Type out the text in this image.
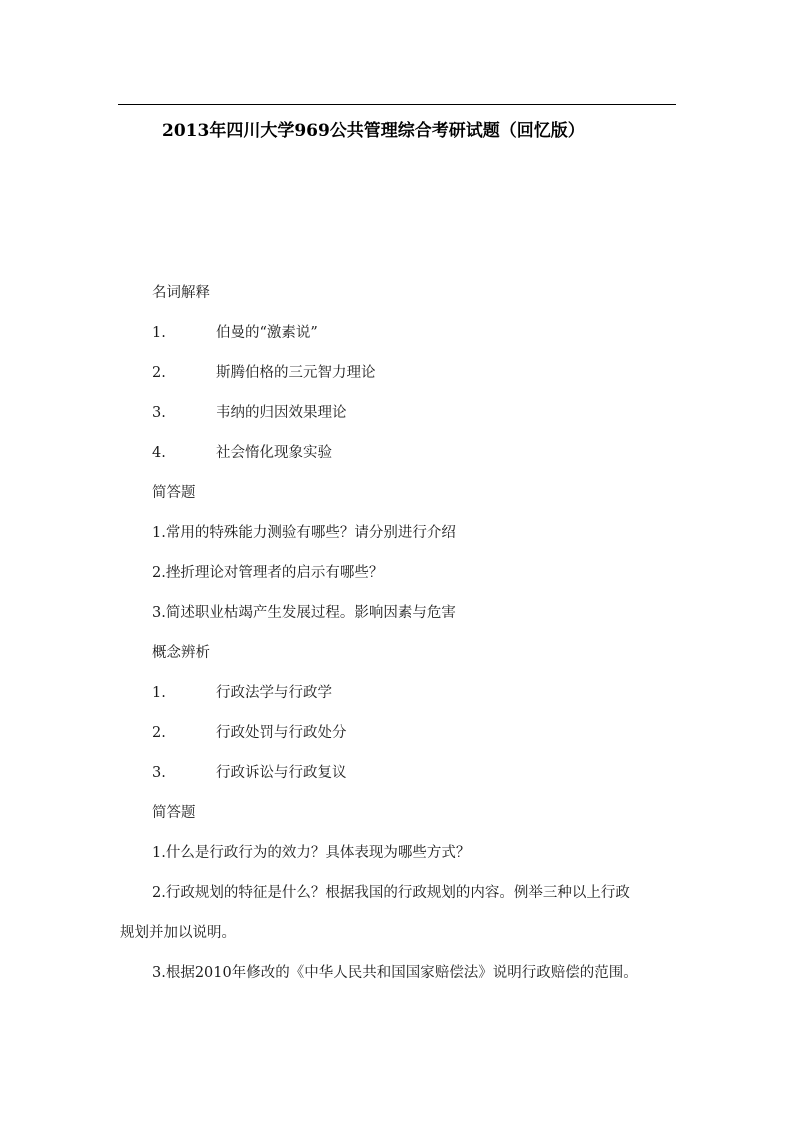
2013年四川大学969公共管理综合考研试题（回忆版）
名词解释
1.	伯曼的“激素说”
2.	斯腾伯格的三元智力理论
3.	韦纳的归因效果理论
4.	社会惰化现象实验
简答题
1.常用的特殊能力测验有哪些？请分别进行介绍
2.挫折理论对管理者的启示有哪些？
3.简述职业枯竭产生发展过程。影响因素与危害
概念辨析
1.	行政法学与行政学
2.	行政处罚与行政处分
3.	行政诉讼与行政复议
简答题
1.什么是行政行为的效力？具体表现为哪些方式？
2.行政规划的特征是什么？根据我国的行政规划的内容。例举三种以上行政
规划并加以说明。
3.根据2010年修改的《中华人民共和国国家赔偿法》说明行政赔偿的范围。
